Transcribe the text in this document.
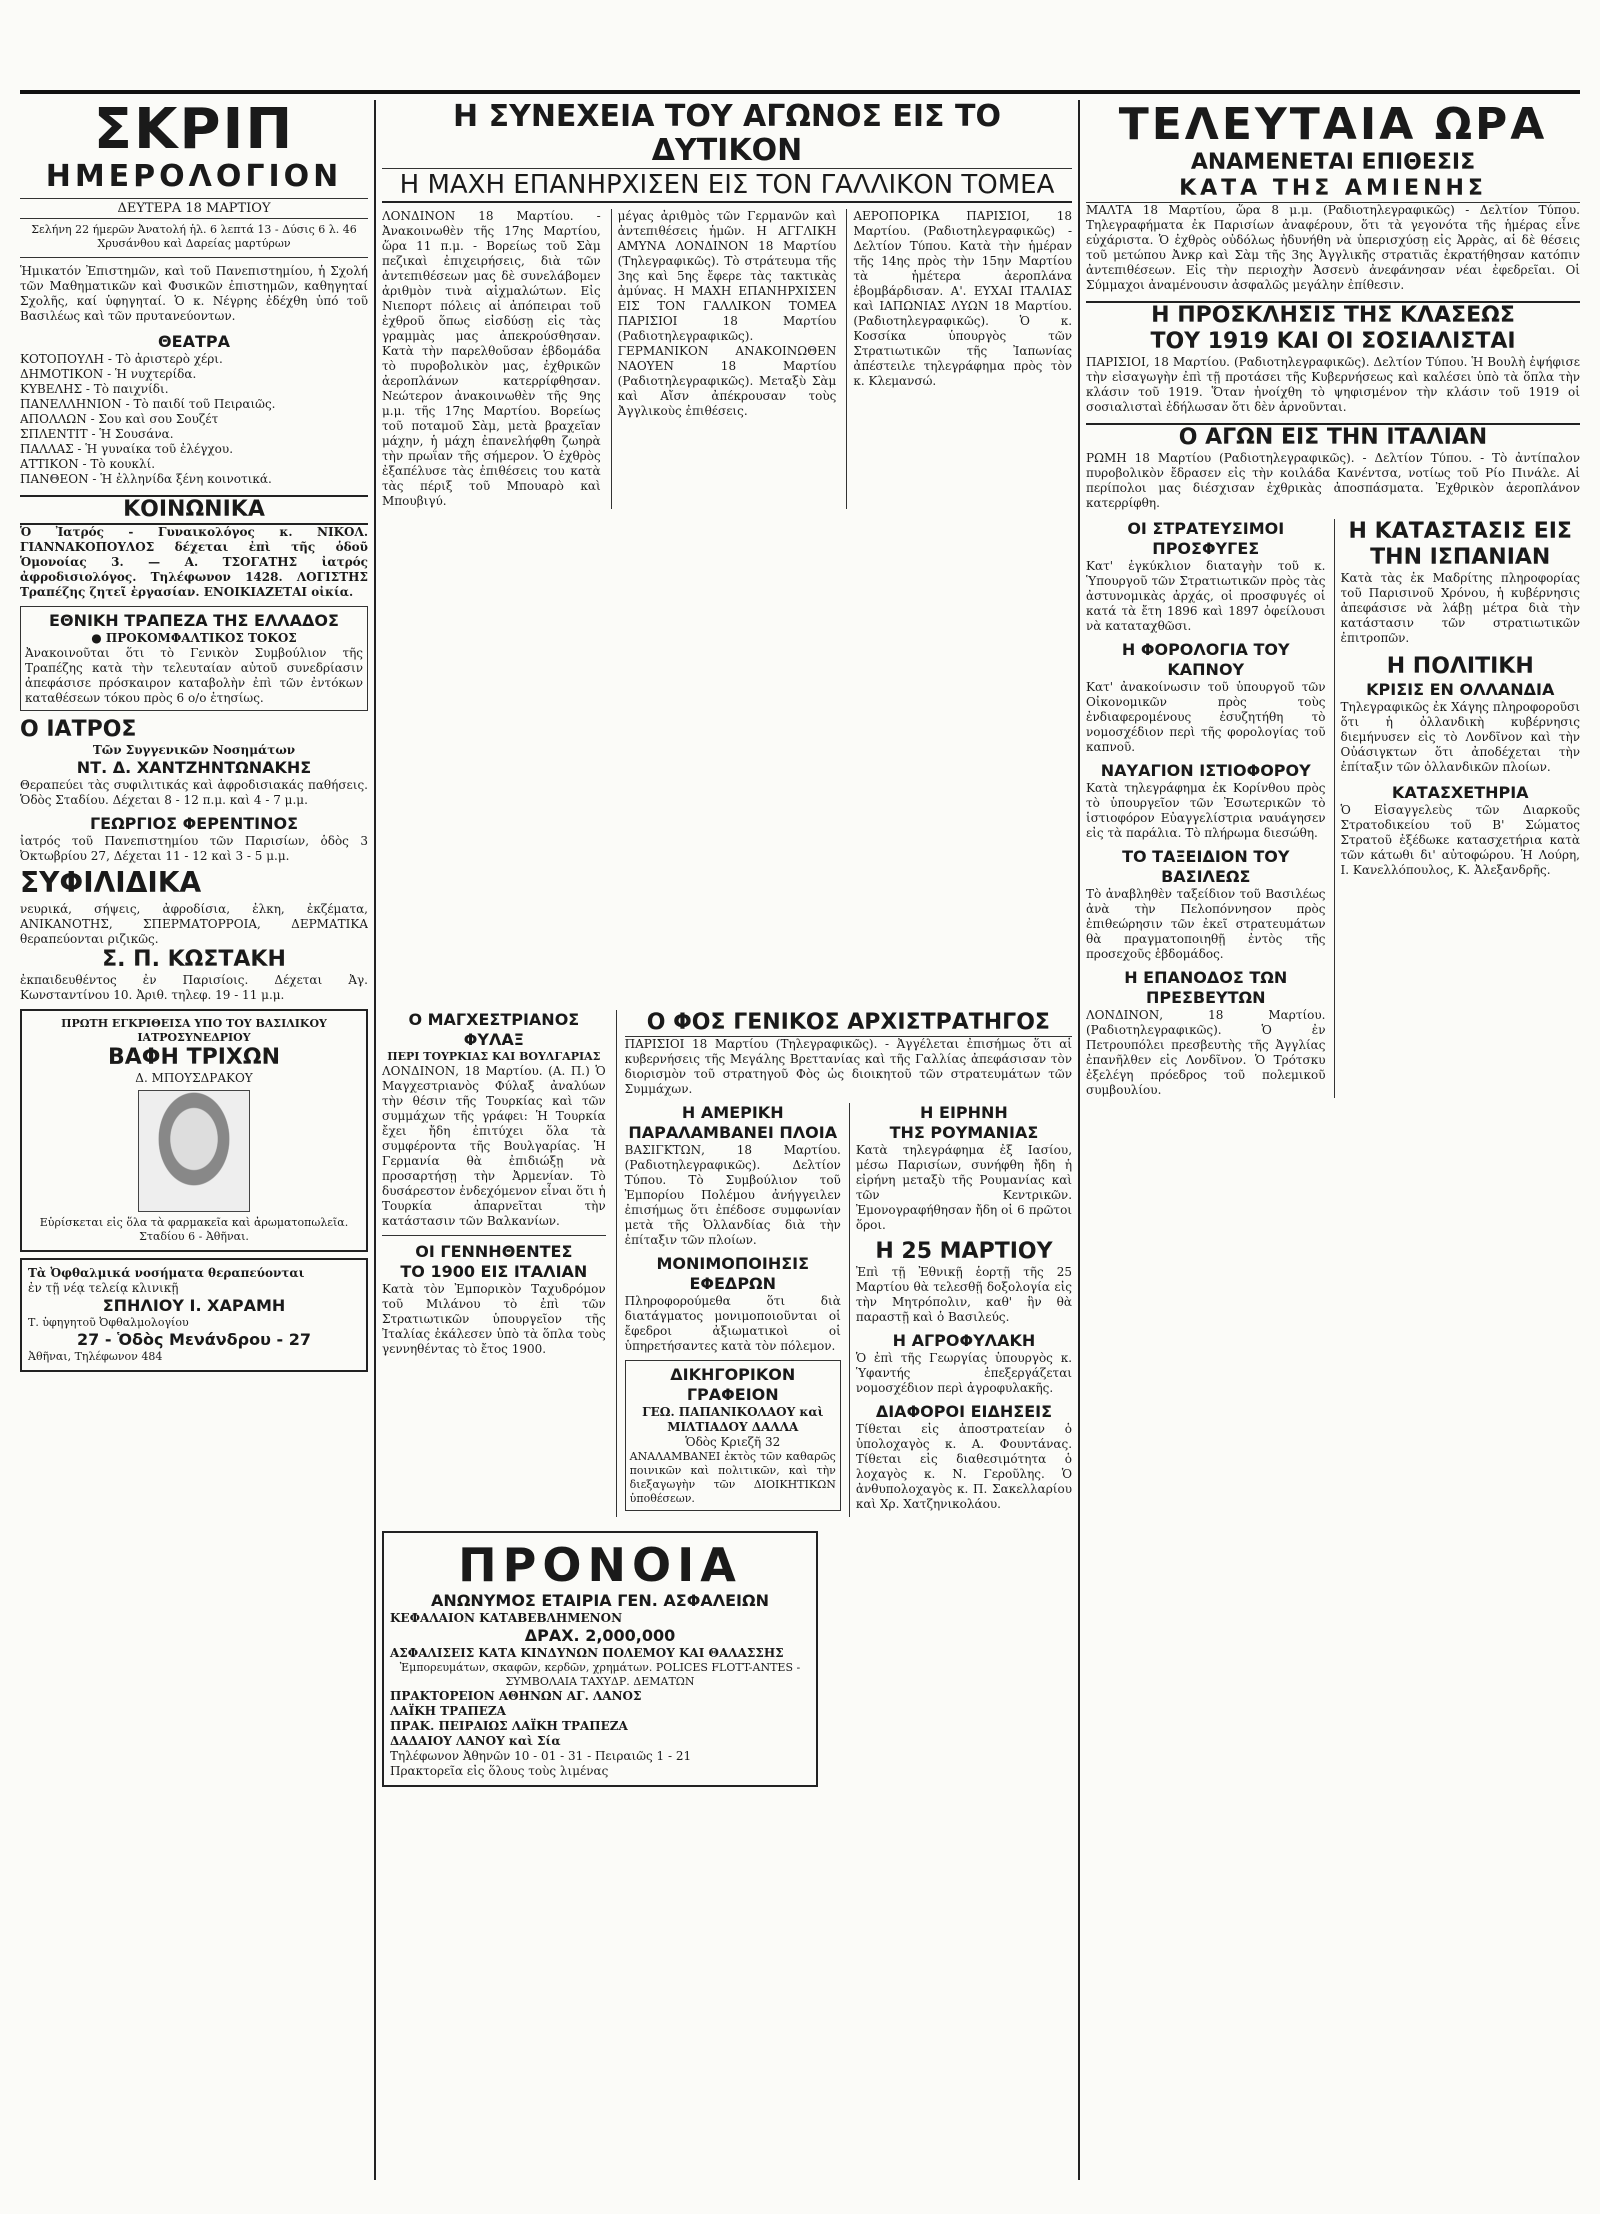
ΣΚΡΙΠ
ΗΜΕΡΟΛΟΓΙΟΝ
ΔΕΥΤΕΡΑ 18 ΜΑΡΤΙΟΥ
Σελήνη 22 ήμερῶν Ἀνατολή ἡλ. 6 λεπτά 13 - Δύσις 6 λ. 46 Χρυσάνθου καὶ Δαρείας μαρτύρων
Ἡμικατόν Ἐπιστημῶν, καὶ τοῦ Πανεπιστημίου, ἡ Σχολή τῶν Μαθηματικῶν καὶ Φυσικῶν ἐπιστημῶν, καθηγηταί Σχολῆς, καί ὑφηγηταί. Ὁ κ. Νέγρης ἐδέχθη ὑπό τοῦ Βασιλέως καὶ τῶν πρυτανεύοντων.
ΘΕΑΤΡΑ
ΚΟΤΟΠΟΥΛΗ - Τὸ ἀριστερὸ χέρι.
ΔΗΜΟΤΙΚΟΝ - Ἡ νυχτερίδα.
ΚΥΒΕΛΗΣ - Τὸ παιχνίδι.
ΠΑΝΕΛΛΗΝΙΟΝ - Τὸ παιδί τοῦ Πειραιῶς.
ΑΠΟΛΛΩΝ - Σου καὶ σου Σουζέτ
ΣΠΛΕΝΤΙΤ - Ἡ Σουσάνα.
ΠΑΛΛΑΣ - Ἡ γυναίκα τοῦ ἐλέγχου.
ΑΤΤΙΚΟΝ - Τὸ κουκλί.
ΠΑΝΘΕΟΝ - Ἡ ἐλληνίδα ξένη κοινοτικά.
ΚΟΙΝΩΝΙΚΑ
Ὁ Ἰατρός - Γυναικολόγος κ. ΝΙΚΟΛ. ΓΙΑΝΝΑΚΟΠΟΥΛΟΣ δέχεται ἐπὶ τῆς ὁδοῦ Ὁμονοίας 3. — Α. ΤΣΟΓΑΤΗΣ ἰατρός ἀφροδισιολόγος. Τηλέφωνον 1428. ΛΟΓΙΣΤΗΣ Τραπέζης ζητεῖ ἐργασίαν. ΕΝΟΙΚΙΑΖΕΤΑΙ οἰκία.
ΕΘΝΙΚΗ ΤΡΑΠΕΖΑ ΤΗΣ ΕΛΛΑΔΟΣ
● ΠΡΟΚΟΜΦΑΛΤΙΚΟΣ ΤΟΚΟΣ
Ἀνακοινοῦται ὅτι τὸ Γενικὸν Συμβούλιον τῆς Τραπέζης κατὰ τὴν τελευταίαν αὐτοῦ συνεδρίασιν ἀπεφάσισε πρόσκαιρον καταβολὴν ἐπὶ τῶν ἐντόκων καταθέσεων τόκου πρὸς 6 ο/ο ἐτησίως.
Ο ΙΑΤΡΟΣ
Τῶν Συγγενικῶν Νοσημάτων
ΝΤ. Δ. ΧΑΝΤΖΗΝΤΩΝΑΚΗΣ
Θεραπεύει τὰς συφιλιτικάς καὶ ἀφροδισιακάς παθήσεις. Ὁδὸς Σταδίου. Δέχεται 8 - 12 π.μ. καὶ 4 - 7 μ.μ.
ΓΕΩΡΓΙΟΣ ΦΕΡΕΝΤΙΝΟΣ
ἰατρός τοῦ Πανεπιστημίου τῶν Παρισίων, ὁδὸς 3 Ὀκτωβρίου 27, Δέχεται 11 - 12 καὶ 3 - 5 μ.μ.
ΣΥΦΙΛΙΔΙΚΑ
νευρικά, σήψεις, ἀφροδίσια, ἐλκη, ἐκζέματα, ΑΝΙΚΑΝΟΤΗΣ, ΣΠΕΡΜΑΤΟΡΡΟΙΑ, ΔΕΡΜΑΤΙΚΑ θεραπεύονται ριζικῶς.
Σ. Π. ΚΩΣΤΑΚΗ
ἐκπαιδευθέντος ἐν Παρισίοις. Δέχεται Ἀγ. Κωνσταντίνου 10. Ἀριθ. τηλεφ. 19 - 11 μ.μ.
ΠΡΩΤΗ ΕΓΚΡΙΘΕΙΣΑ ΥΠΟ ΤΟΥ ΒΑΣΙΛΙΚΟΥ ΙΑΤΡΟΣΥΝΕΔΡΙΟΥ
ΒΑΦΗ ΤΡΙΧΩΝ
Δ. ΜΠΟΥΣΔΡΑΚΟΥ
Εὑρίσκεται εἰς ὅλα τὰ φαρμακεῖα καὶ ἀρωματοπωλεῖα. Σταδίου 6 - Ἀθῆναι.
Τὰ Ὀφθαλμικά νοσήματα θεραπεύονται
ἐν τῇ νέᾳ τελείᾳ κλινικῇ
ΣΠΗΛΙΟΥ Ι. ΧΑΡΑΜΗ
Τ. ὑφηγητοῦ Ὀφθαλμολογίου
27 - Ὁδὸς Μενάνδρου - 27
Ἀθῆναι, Τηλέφωνον 484
Η ΣΥΝΕΧΕΙΑ ΤΟΥ ΑΓΩΝΟΣ ΕΙΣ ΤΟ ΔΥΤΙΚΟΝ
Η ΜΑΧΗ ΕΠΑΝΗΡΧΙΣΕΝ ΕΙΣ ΤΟΝ ΓΑΛΛΙΚΟΝ ΤΟΜΕΑ
ΛΟΝΔΙΝΟΝ 18 Μαρτίου. - Ἀνακοινωθὲν τῆς 17ης Μαρτίου, ὥρα 11 π.μ. - Βορείως τοῦ Σὰμ πεζικαὶ ἐπιχειρήσεις, διὰ τῶν ἀντεπιθέσεων μας δὲ συνελάβομεν ἀριθμὸν τινὰ αἰχμαλώτων. Εἰς Νιεπορτ πόλεις αἱ ἀπόπειραι τοῦ ἐχθροῦ ὅπως εἰσδύσῃ εἰς τὰς γραμμὰς μας ἀπεκρούσθησαν. Κατὰ τὴν παρελθοῦσαν ἑβδομάδα τὸ πυροβολικὸν μας, ἐχθρικῶν ἀεροπλάνων κατερρίφθησαν. Νεώτερον ἀνακοινωθὲν τῆς 9ης μ.μ. τῆς 17ης Μαρτίου. Βορείως τοῦ ποταμοῦ Σὰμ, μετὰ βραχεῖαν μάχην, ἡ μάχη ἐπανελήφθη ζωηρὰ τὴν πρωΐαν τῆς σήμερον. Ὁ ἐχθρὸς ἐξαπέλυσε τὰς ἐπιθέσεις του κατὰ τὰς πέριξ τοῦ Μπουαρὸ καὶ Μπουβιγύ.
μέγας ἀριθμὸς τῶν Γερμανῶν καὶ ἀντεπιθέσεις ἡμῶν. Η ΑΓΓΛΙΚΗ ΑΜΥΝΑ ΛΟΝΔΙΝΟΝ 18 Μαρτίου (Τηλεγραφικῶς). Τὸ στράτευμα τῆς 3ης καὶ 5ης ἔφερε τὰς τακτικὰς ἀμύνας. Η ΜΑΧΗ ΕΠΑΝΗΡΧΙΣΕΝ ΕΙΣ ΤΟΝ ΓΑΛΛΙΚΟΝ ΤΟΜΕΑ ΠΑΡΙΣΙΟΙ 18 Μαρτίου (Ραδιοτηλεγραφικῶς). ΓΕΡΜΑΝΙΚΟΝ ΑΝΑΚΟΙΝΩΘΕΝ ΝΑΟΥΕΝ 18 Μαρτίου (Ραδιοτηλεγραφικῶς). Μεταξὺ Σὰμ καὶ Αἴσν ἀπέκρουσαν τοὺς Ἀγγλικοὺς ἐπιθέσεις.
ΑΕΡΟΠΟΡΙΚΑ ΠΑΡΙΣΙΟΙ, 18 Μαρτίου. (Ραδιοτηλεγραφικῶς) - Δελτίον Τύπου. Κατὰ τὴν ἡμέραν τῆς 14ης πρὸς τὴν 15ην Μαρτίου τὰ ἡμέτερα ἀεροπλάνα ἐβομβάρδισαν. Α'. ΕΥΧΑΙ ΙΤΑΛΙΑΣ καὶ ΙΑΠΩΝΙΑΣ ΛΥΩΝ 18 Μαρτίου. (Ραδιοτηλεγραφικῶς). Ὁ κ. Κοσσίκα ὑπουργὸς τῶν Στρατιωτικῶν τῆς Ἰαπωνίας ἀπέστειλε τηλεγράφημα πρὸς τὸν κ. Κλεμανσώ.
Ο ΜΑΓΧΕΣΤΡΙΑΝΟΣ ΦΥΛΑΞ
ΠΕΡΙ ΤΟΥΡΚΙΑΣ ΚΑΙ ΒΟΥΛΓΑΡΙΑΣ
ΛΟΝΔΙΝΟΝ, 18 Μαρτίου. (Α. Π.) Ὁ Μαγχεστριανὸς Φύλαξ ἀναλύων τὴν θέσιν τῆς Τουρκίας καὶ τῶν συμμάχων τῆς γράφει: Ἡ Τουρκία ἔχει ἤδη ἐπιτύχει ὅλα τὰ συμφέροντα τῆς Βουλγαρίας. Ἡ Γερμανία θὰ ἐπιδιώξῃ νὰ προσαρτήσῃ τὴν Ἀρμενίαν. Τὸ δυσάρεστον ἐνδεχόμενον εἶναι ὅτι ἡ Τουρκία ἀπαρνεῖται τὴν κατάστασιν τῶν Βαλκανίων.
ΟΙ ΓΕΝΝΗΘΕΝΤΕΣ
ΤΟ 1900 ΕΙΣ ΙΤΑΛΙΑΝ
Κατὰ τὸν Ἐμπορικὸν Ταχυδρόμον τοῦ Μιλάνου τὸ ἐπὶ τῶν Στρατιωτικῶν ὑπουργεῖον τῆς Ἰταλίας ἐκάλεσεν ὑπὸ τὰ ὅπλα τοὺς γεννηθέντας τὸ ἔτος 1900.
Ο ΦΟΣ ΓΕΝΙΚΟΣ ΑΡΧΙΣΤΡΑΤΗΓΟΣ
ΠΑΡΙΣΙΟΙ 18 Μαρτίου (Τηλεγραφικῶς). - Ἀγγέλεται ἐπισήμως ὅτι αἱ κυβερνήσεις τῆς Μεγάλης Βρεττανίας καὶ τῆς Γαλλίας ἀπεφάσισαν τὸν διορισμὸν τοῦ στρατηγοῦ Φὸς ὡς διοικητοῦ τῶν στρατευμάτων τῶν Συμμάχων.
Η ΑΜΕΡΙΚΗ
ΠΑΡΑΛΑΜΒΑΝΕΙ ΠΛΟΙΑ
ΒΑΣΙΓΚΤΩΝ, 18 Μαρτίου. (Ραδιοτηλεγραφικῶς). Δελτίον Τύπου. Τὸ Συμβούλιον τοῦ Ἐμπορίου Πολέμου ἀνήγγειλεν ἐπισήμως ὅτι ἐπέδοσε συμφωνίαν μετὰ τῆς Ὀλλανδίας διὰ τὴν ἐπίταξιν τῶν πλοίων.
ΜΟΝΙΜΟΠΟΙΗΣΙΣ ΕΦΕΔΡΩΝ
Πληροφορούμεθα ὅτι διὰ διατάγματος μονιμοποιοῦνται οἱ ἔφεδροι ἀξιωματικοὶ οἱ ὑπηρετήσαντες κατὰ τὸν πόλεμον.
ΔΙΚΗΓΟΡΙΚΟΝ ΓΡΑΦΕΙΟΝ
ΓΕΩ. ΠΑΠΑΝΙΚΟΛΑΟΥ καὶ ΜΙΛΤΙΑΔΟΥ ΔΑΛΛΑ
Ὁδὸς Κριεζῆ 32
ΑΝΑΛΑΜΒΑΝΕΙ ἐκτὸς τῶν καθαρῶς ποινικῶν καὶ πολιτικῶν, καὶ τὴν διεξαγωγὴν τῶν ΔΙΟΙΚΗΤΙΚΩΝ ὑποθέσεων.
Η ΕΙΡΗΝΗ
ΤΗΣ ΡΟΥΜΑΝΙΑΣ
Κατὰ τηλεγράφημα ἐξ Ιασίου, μέσω Παρισίων, συνήφθη ἤδη ἡ εἰρήνη μεταξὺ τῆς Ρουμανίας καὶ τῶν Κεντρικῶν. Ἐμονογραφήθησαν ἤδη οἱ 6 πρῶτοι ὅροι.
Η 25 ΜΑΡΤΙΟΥ
Ἐπὶ τῇ Ἐθνικῇ ἑορτῇ τῆς 25 Μαρτίου θὰ τελεσθῇ δοξολογία εἰς τὴν Μητρόπολιν, καθ' ἣν θὰ παραστῇ καὶ ὁ Βασιλεύς.
Η ΑΓΡΟΦΥΛΑΚΗ
Ὁ ἐπὶ τῆς Γεωργίας ὑπουργὸς κ. Ὑφαντής ἐπεξεργάζεται νομοσχέδιον περὶ ἀγροφυλακῆς.
ΔΙΑΦΟΡΟΙ ΕΙΔΗΣΕΙΣ
Τίθεται εἰς ἀποστρατείαν ὁ ὑπολοχαγὸς κ. Α. Φουντάνας. Τίθεται εἰς διαθεσιμότητα ὁ λοχαγὸς κ. Ν. Γεροῦλης. Ὁ ἀνθυπολοχαγὸς κ. Π. Σακελλαρίου καὶ Χρ. Χατζηνικολάου.
ΠΡΟΝΟΙΑ
ΑΝΩΝΥΜΟΣ ΕΤΑΙΡΙΑ ΓΕΝ. ΑΣΦΑΛΕΙΩΝ
ΚΕΦΑΛΑΙΟΝ ΚΑΤΑΒΕΒΛΗΜΕΝΟΝ
ΔΡΑΧ. 2,000,000
ΑΣΦΑΛΙΣΕΙΣ ΚΑΤΑ ΚΙΝΔΥΝΩΝ ΠΟΛΕΜΟΥ ΚΑΙ ΘΑΛΑΣΣΗΣ
Ἐμπορευμάτων, σκαφῶν, κερδῶν, χρημάτων. POLICES FLOTT-ANTES - ΣΥΜΒΟΛΑΙΑ ΤΑΧΥΔΡ. ΔΕΜΑΤΩΝ
ΠΡΑΚΤΟΡΕΙΟΝ ΑΘΗΝΩΝ ΑΓ. ΛΑΝΟΣ
ΛΑΪΚΗ ΤΡΑΠΕΖΑ
ΠΡΑΚ. ΠΕΙΡΑΙΩΣ ΛΑΪΚΗ ΤΡΑΠΕΖΑ
ΔΑΔΑΙΟΥ ΛΑΝΟΥ καὶ Σία
Τηλέφωνον Ἀθηνῶν 10 - 01 - 31 - Πειραιῶς 1 - 21
Πρακτορεῖα εἰς ὅλους τοὺς λιμένας
ΤΕΛΕΥΤΑΙΑ ΩΡΑ
ΑΝΑΜΕΝΕΤΑΙ ΕΠΙΘΕΣΙΣ
ΚΑΤΑ ΤΗΣ ΑΜΙΕΝΗΣ
ΜΑΛΤΑ 18 Μαρτίου, ὥρα 8 μ.μ. (Ραδιοτηλεγραφικῶς) - Δελτίον Τύπου. Τηλεγραφήματα ἐκ Παρισίων ἀναφέρουν, ὅτι τὰ γεγονότα τῆς ἡμέρας εἶνε εὐχάριστα. Ὁ ἐχθρὸς οὐδόλως ἠδυνήθη νὰ ὑπερισχύσῃ εἰς Ἀρρὰς, αἱ δὲ θέσεις τοῦ μετώπου Ἀνκρ καὶ Σὰμ τῆς 3ης Ἀγγλικῆς στρατιᾶς ἐκρατήθησαν κατόπιν ἀντεπιθέσεων. Εἰς τὴν περιοχὴν Ἀσσενὺ ἀνεφάνησαν νέαι ἐφεδρεῖαι. Οἱ Σύμμαχοι ἀναμένουσιν ἀσφαλῶς μεγάλην ἐπίθεσιν.
Η ΠΡΟΣΚΛΗΣΙΣ ΤΗΣ ΚΛΑΣΕΩΣ
ΤΟΥ 1919 ΚΑΙ ΟΙ ΣΟΣΙΑΛΙΣΤΑΙ
ΠΑΡΙΣΙΟΙ, 18 Μαρτίου. (Ραδιοτηλεγραφικῶς). Δελτίον Τύπου. Ἡ Βουλὴ ἐψήφισε τὴν εἰσαγωγὴν ἐπὶ τῇ προτάσει τῆς Κυβερνήσεως καὶ καλέσει ὑπὸ τὰ ὅπλα τὴν κλάσιν τοῦ 1919. Ὅταν ἠνοίχθη τὸ ψηφισμένον τὴν κλάσιν τοῦ 1919 οἱ σοσιαλισταὶ ἐδήλωσαν ὅτι δὲν ἀρνοῦνται.
Ο ΑΓΩΝ ΕΙΣ ΤΗΝ ΙΤΑΛΙΑΝ
ΡΩΜΗ 18 Μαρτίου (Ραδιοτηλεγραφικῶς). - Δελτίον Τύπου. - Τὸ ἀντίπαλον πυροβολικὸν ἔδρασεν εἰς τὴν κοιλάδα Κανέντσα, νοτίως τοῦ Ρίο Πινάλε. Αἱ περίπολοι μας διέσχισαν ἐχθρικὰς ἀποσπάσματα. Ἐχθρικὸν ἀεροπλάνον κατερρίφθη.
ΟΙ ΣΤΡΑΤΕΥΣΙΜΟΙ ΠΡΟΣΦΥΓΕΣ
Κατ' ἐγκύκλιον διαταγὴν τοῦ κ. Ὑπουργοῦ τῶν Στρατιωτικῶν πρὸς τὰς ἀστυνομικὰς ἀρχάς, οἱ προσφυγές οἱ κατά τὰ ἔτη 1896 καὶ 1897 ὀφείλουσι νὰ καταταχθῶσι.
Η ΦΟΡΟΛΟΓΙΑ ΤΟΥ ΚΑΠΝΟΥ
Κατ' ἀνακοίνωσιν τοῦ ὑπουργοῦ τῶν Οἰκονομικῶν πρὸς τοὺς ἐνδιαφερομένους ἐσυζητήθη τὸ νομοσχέδιον περὶ τῆς φορολογίας τοῦ καπνοῦ.
ΝΑΥΑΓΙΟΝ ΙΣΤΙΟΦΟΡΟΥ
Κατὰ τηλεγράφημα ἐκ Κορίνθου πρὸς τὸ ὑπουργεῖον τῶν Ἐσωτερικῶν τὸ ἱστιοφόρον Εὐαγγελίστρια ναυάγησεν εἰς τὰ παράλια. Τὸ πλήρωμα διεσώθη.
ΤΟ ΤΑΞΕΙΔΙΟΝ ΤΟΥ ΒΑΣΙΛΕΩΣ
Τὸ ἀναβληθὲν ταξείδιον τοῦ Βασιλέως ἀνὰ τὴν Πελοπόννησον πρὸς ἐπιθεώρησιν τῶν ἐκεῖ στρατευμάτων θὰ πραγματοποιηθῇ ἐντὸς τῆς προσεχοῦς ἑβδομάδος.
Η ΕΠΑΝΟΔΟΣ ΤΩΝ ΠΡΕΣΒΕΥΤΩΝ
ΛΟΝΔΙΝΟΝ, 18 Μαρτίου. (Ραδιοτηλεγραφικῶς). Ὁ ἐν Πετρουπόλει πρεσβευτὴς τῆς Ἀγγλίας ἐπανῆλθεν εἰς Λονδῖνον. Ὁ Τρότσκυ ἐξελέγη πρόεδρος τοῦ πολεμικοῦ συμβουλίου.
Η ΚΑΤΑΣΤΑΣΙΣ ΕΙΣ ΤΗΝ ΙΣΠΑΝΙΑΝ
Κατὰ τὰς ἐκ Μαδρίτης πληροφορίας τοῦ Παρισινοῦ Χρόνου, ἡ κυβέρνησις ἀπεφάσισε νὰ λάβῃ μέτρα διὰ τὴν κατάστασιν τῶν στρατιωτικῶν ἐπιτροπῶν.
Η ΠΟΛΙΤΙΚΗ
ΚΡΙΣΙΣ ΕΝ ΟΛΛΑΝΔΙΑ
Τηλεγραφικῶς ἐκ Χάγης πληροφοροῦσι ὅτι ἡ ὀλλανδικὴ κυβέρνησις διεμήνυσεν εἰς τὸ Λονδῖνον καὶ τὴν Οὐάσιγκτων ὅτι ἀποδέχεται τὴν ἐπίταξιν τῶν ὀλλανδικῶν πλοίων.
ΚΑΤΑΣΧΕΤΗΡΙΑ
Ὁ Εἰσαγγελεὺς τῶν Διαρκοῦς Στρατοδικείου τοῦ Β' Σώματος Στρατοῦ ἐξέδωκε κατασχετήρια κατὰ τῶν κάτωθι δι' αὐτοφώρου. Ἡ Λούρη, Ι. Κανελλόπουλος, Κ. Ἀλεξανδρῆς.
